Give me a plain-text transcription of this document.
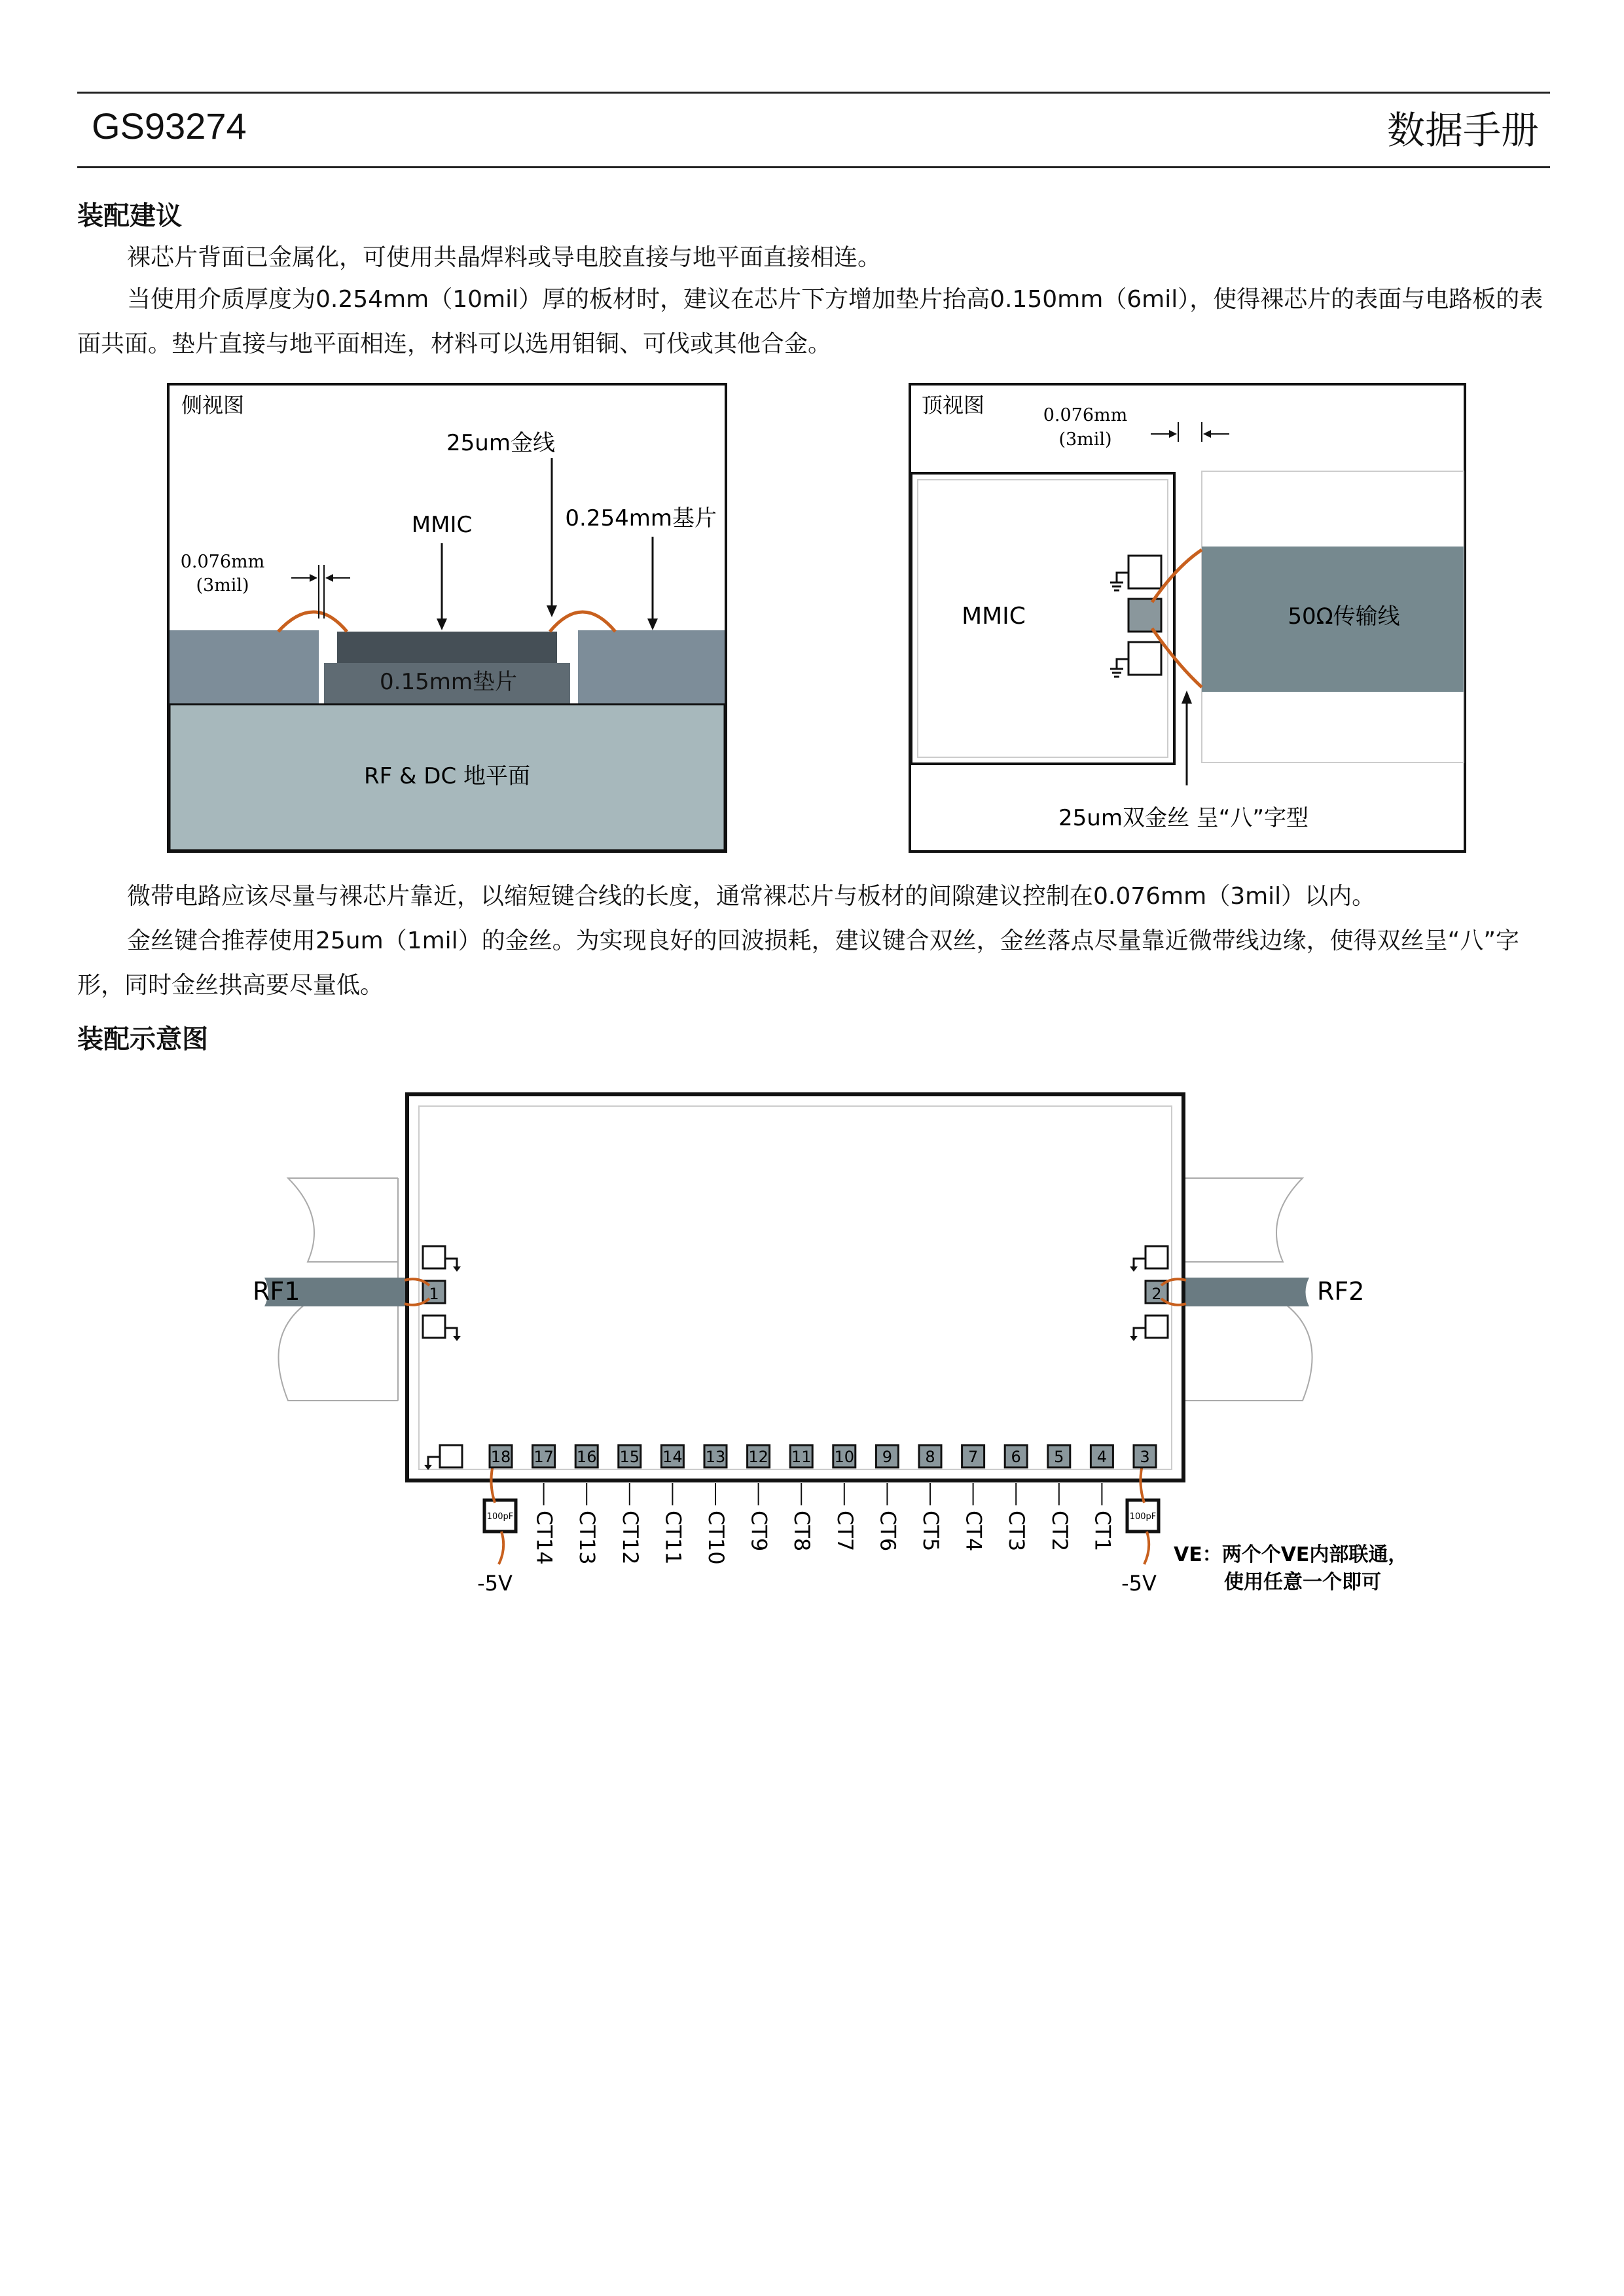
GS93274	数据手册
装配建议
裸芯片背面已金属化，可使用共晶焊料或导电胶直接与地平面直接相连。
当使用介质厚度为0.254mm（10mil）厚的板材时，建议在芯片下方增加垫片抬高0.150mm（6mil），使得裸芯片的表面与电路板的表面共面。垫片直接与地平面相连，材料可以选用钼铜、可伐或其他合金。
侧视图
25um金线
MMIC	0.254mm基片
0.076mm
(3mil)
0.15mm垫片
RF & DC 地平面
顶视图	0.076mm
(3mil)
MMIC	50Ω传输线
25um双金丝 呈“八”字型
微带电路应该尽量与裸芯片靠近，以缩短键合线的长度，通常裸芯片与板材的间隙建议控制在0.076mm（3mil）以内。
金丝键合推荐使用25um（1mil）的金丝。为实现良好的回波损耗，建议键合双丝，金丝落点尽量靠近微带线边缘，使得双丝呈“八”字形，同时金丝拱高要尽量低。
装配示意图
RF1	RF2
1	2
100pF	100pF
-5V	-5V
VE：两个个VE内部联通，
使用任意一个即可
18 17 16 15 14 13 12 11 10 9 8 7 6 5 4 3
CT14 CT13 CT12 CT11 CT10 CT9 CT8 CT7 CT6 CT5 CT4 CT3 CT2 CT1
